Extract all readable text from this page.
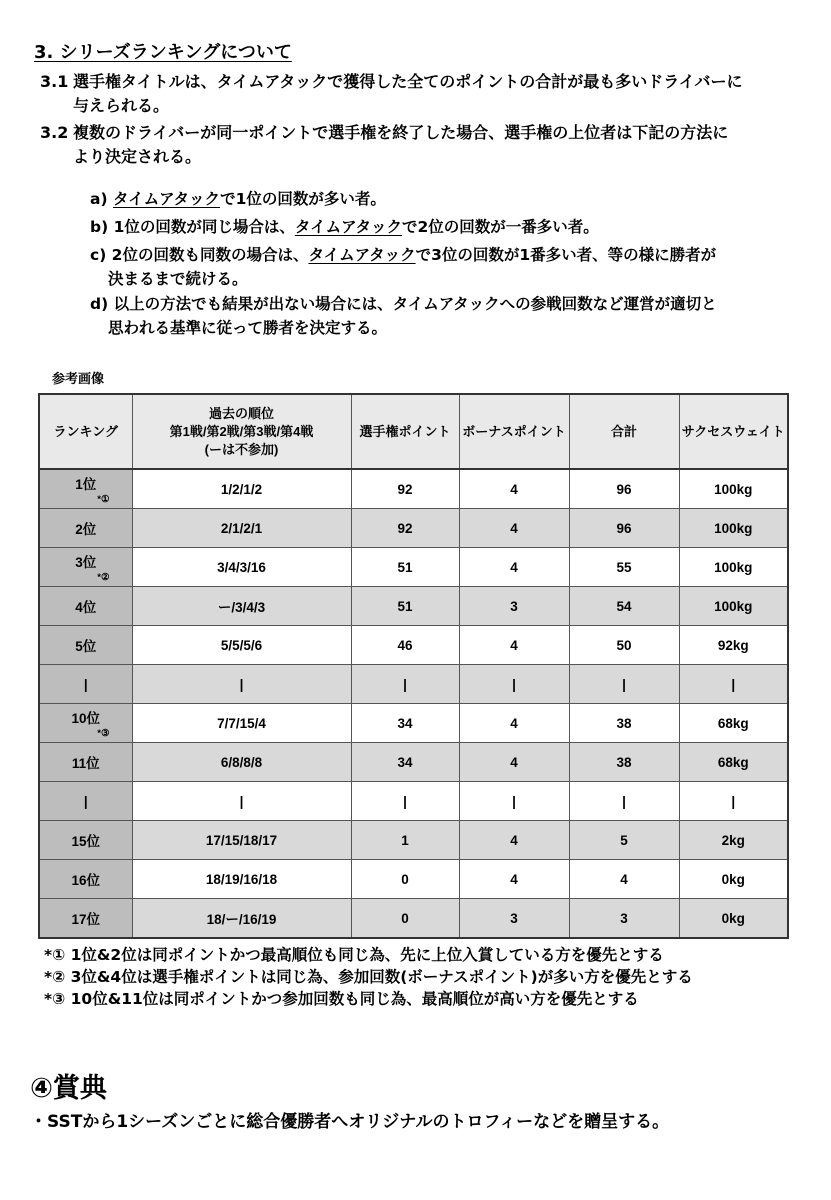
3. シリーズランキングについて
3.1 選手権タイトルは、タイムアタックで獲得した全てのポイントの合計が最も多いドライバーに
与えられる。
3.2 複数のドライバーが同一ポイントで選手権を終了した場合、選手権の上位者は下記の方法に
より決定される。
a) タイムアタックで1位の回数が多い者。
b) 1位の回数が同じ場合は、タイムアタックで2位の回数が一番多い者。
c) 2位の回数も同数の場合は、タイムアタックで3位の回数が1番多い者、等の様に勝者が
決まるまで続ける。
d) 以上の方法でも結果が出ない場合には、タイムアタックへの参戦回数など運営が適切と
思われる基準に従って勝者を決定する。
参考画像
ランキング	過去の順位
第1戦/第2戦/第3戦/第4戦
(ーは不参加)	選手権ポイント	ボーナスポイント	合計	サクセスウェイト
1位
*①	1/2/1/2	92	4	96	100kg
2位	2/1/2/1	92	4	96	100kg
3位
*②	3/4/3/16	51	4	55	100kg
4位	ー/3/4/3	51	3	54	100kg
5位	5/5/5/6	46	4	50	92kg
|	|	|	|	|	|
10位
*③	7/7/15/4	34	4	38	68kg
11位	6/8/8/8	34	4	38	68kg
|	|	|	|	|	|
15位	17/15/18/17	1	4	5	2kg
16位	18/19/16/18	0	4	4	0kg
17位	18/ー/16/19	0	3	3	0kg
*① 1位&2位は同ポイントかつ最高順位も同じ為、先に上位入賞している方を優先とする
*② 3位&4位は選手権ポイントは同じ為、参加回数(ボーナスポイント)が多い方を優先とする
*③ 10位&11位は同ポイントかつ参加回数も同じ為、最高順位が高い方を優先とする
④賞典
・SSTから1シーズンごとに総合優勝者へオリジナルのトロフィーなどを贈呈する。
